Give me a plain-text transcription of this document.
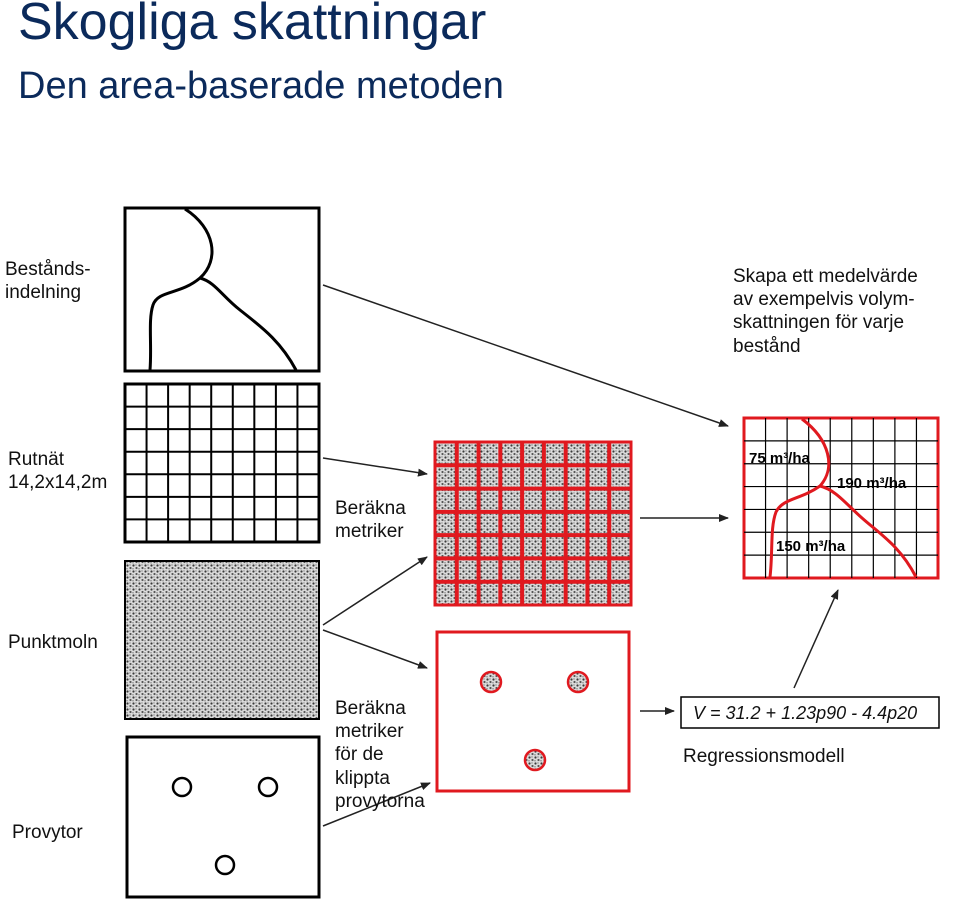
Skogliga skattningar
Den area-baserade metoden
75 m³/ha
190 m³/ha
150 m³/ha
Bestånds-
indelning
Rutnät
14,2x14,2m
Punktmoln
Provytor
Beräkna
metriker
Beräkna
metriker
för de
klippta
provytorna
Skapa ett medelvärde
av exempelvis volym-
skattningen för varje
bestånd
V = 31.2 + 1.23p90 - 4.4p20
Regressionsmodell
